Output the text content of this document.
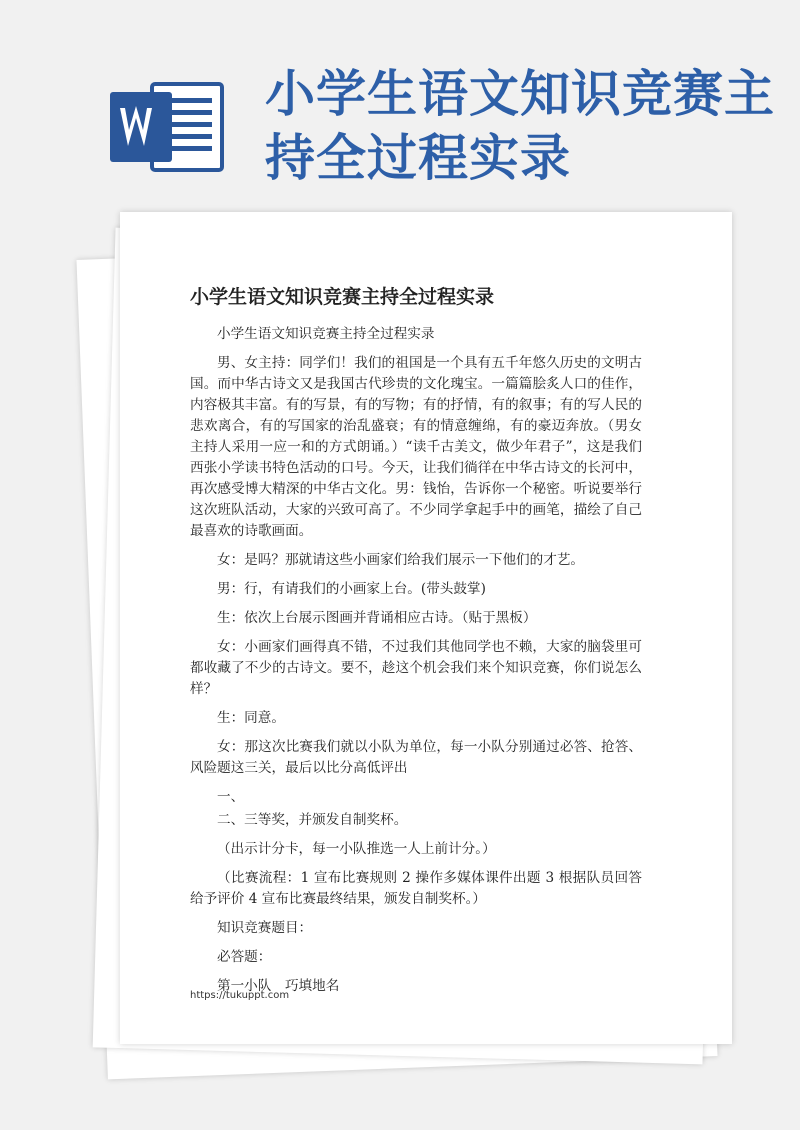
小学生语文知识竞赛主持全过程实录
小学生语文知识竞赛主持全过程实录

小学生语文知识竞赛主持全过程实录

男、女主持：同学们！我们的祖国是一个具有五千年悠久历史的文明古国。而中华古诗文又是我国古代珍贵的文化瑰宝。一篇篇脍炙人口的佳作，内容极其丰富。有的写景，有的写物；有的抒情，有的叙事；有的写人民的悲欢离合，有的写国家的治乱盛衰；有的情意缠绵，有的豪迈奔放。（男女主持人采用一应一和的方式朗诵。）“读千古美文，做少年君子”，这是我们西张小学读书特色活动的口号。今天，让我们徜徉在中华古诗文的长河中，再次感受博大精深的中华古文化。男：钱怡，告诉你一个秘密。听说要举行这次班队活动，大家的兴致可高了。不少同学拿起手中的画笔，描绘了自己最喜欢的诗歌画面。

女：是吗？那就请这些小画家们给我们展示一下他们的才艺。

男：行，有请我们的小画家上台。(带头鼓掌)

生：依次上台展示图画并背诵相应古诗。（贴于黑板）

女：小画家们画得真不错，不过我们其他同学也不赖，大家的脑袋里可都收藏了不少的古诗文。要不，趁这个机会我们来个知识竞赛，你们说怎么样？

生：同意。

女：那这次比赛我们就以小队为单位，每一小队分别通过必答、抢答、风险题这三关，最后以比分高低评出

一、

二、三等奖，并颁发自制奖杯。

（出示计分卡，每一小队推选一人上前计分。）

（比赛流程：1 宣布比赛规则 2 操作多媒体课件出题 3 根据队员回答给予评价 4 宣布比赛最终结果，颁发自制奖杯。）

知识竞赛题目：

必答题：

第一小队　巧填地名

https://tukuppt.com
